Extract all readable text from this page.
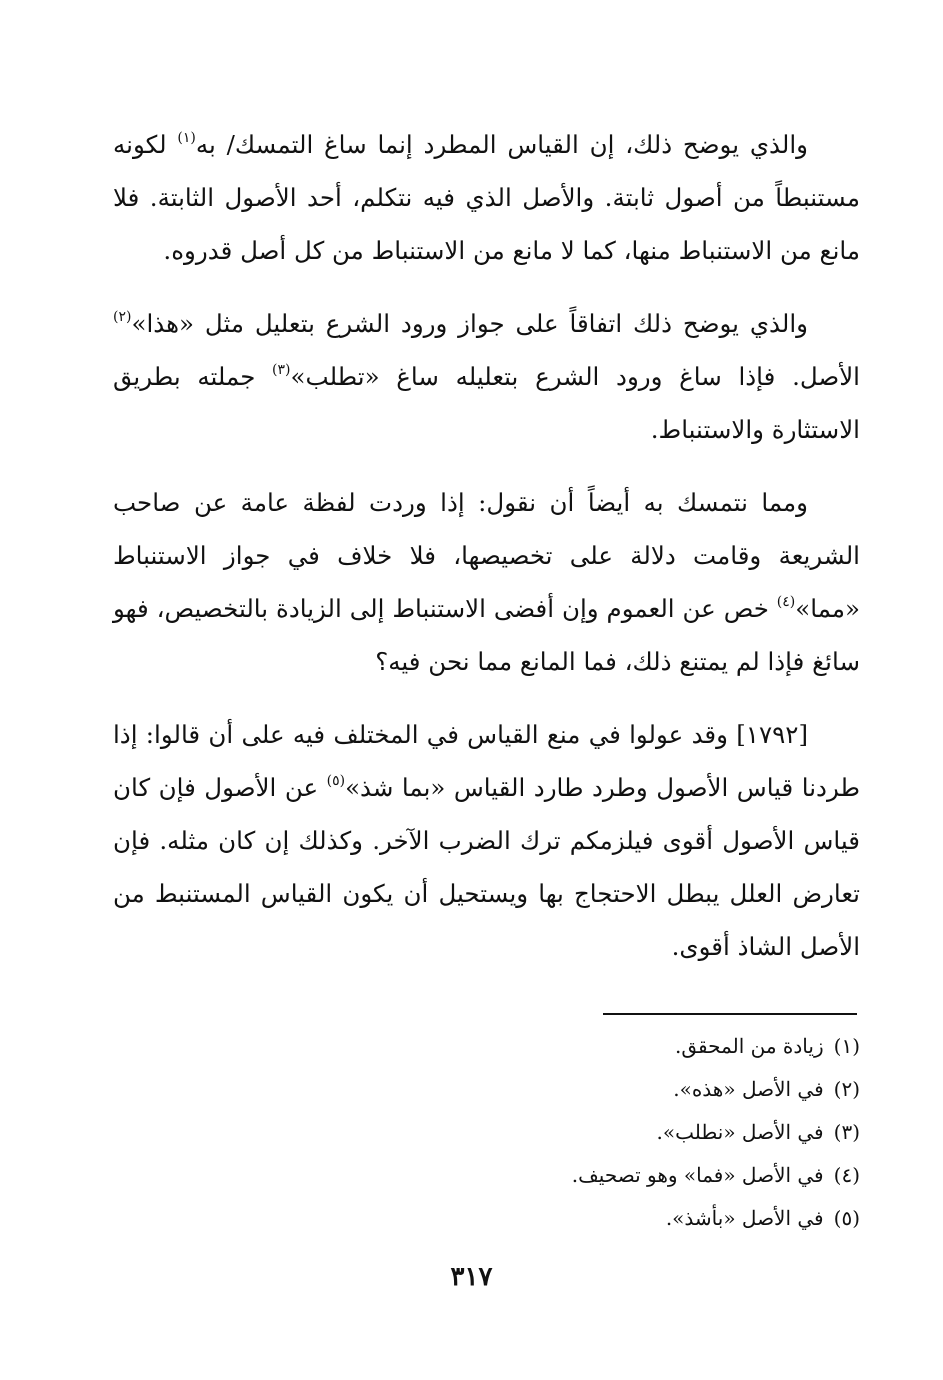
والذي يوضح ذلك، إن القياس المطرد إنما ساغ التمسك/ به$^{(١)}$ لكونه مستنبطاً من أصول ثابتة. والأصل الذي فيه نتكلم، أحد الأصول الثابتة. فلا مانع من الاستنباط منها، كما لا مانع من الاستنباط من كل أصل قدروه.

والذي يوضح ذلك اتفاقاً على جواز ورود الشرع بتعليل مثل «هذا»$^{(٢)}$ الأصل. فإذا ساغ ورود الشرع بتعليله ساغ «تطلب»$^{(٣)}$ جملته بطريق الاستثارة والاستنباط.

ومما نتمسك به أيضاً أن نقول: إذا وردت لفظة عامة عن صاحب الشريعة وقامت دلالة على تخصيصها، فلا خلاف في جواز الاستنباط «مما»$^{(٤)}$ خص عن العموم وإن أفضى الاستنباط إلى الزيادة بالتخصيص، فهو سائغ فإذا لم يمتنع ذلك، فما المانع مما نحن فيه؟

[١٧٩٢] وقد عولوا في منع القياس في المختلف فيه على أن قالوا: إذا طردنا قياس الأصول وطرد طارد القياس «بما شذ»$^{(٥)}$ عن الأصول فإن كان قياس الأصول أقوى فيلزمكم ترك الضرب الآخر. وكذلك إن كان مثله. فإن تعارض العلل يبطل الاحتجاج بها ويستحيل أن يكون القياس المستنبط من الأصل الشاذ أقوى.

(١)زيادة من المحقق.
(٢)في الأصل «هذه».
(٣)في الأصل «نطلب».
(٤)في الأصل «فما» وهو تصحيف.
(٥)في الأصل «بأشذ».
٣١٧
